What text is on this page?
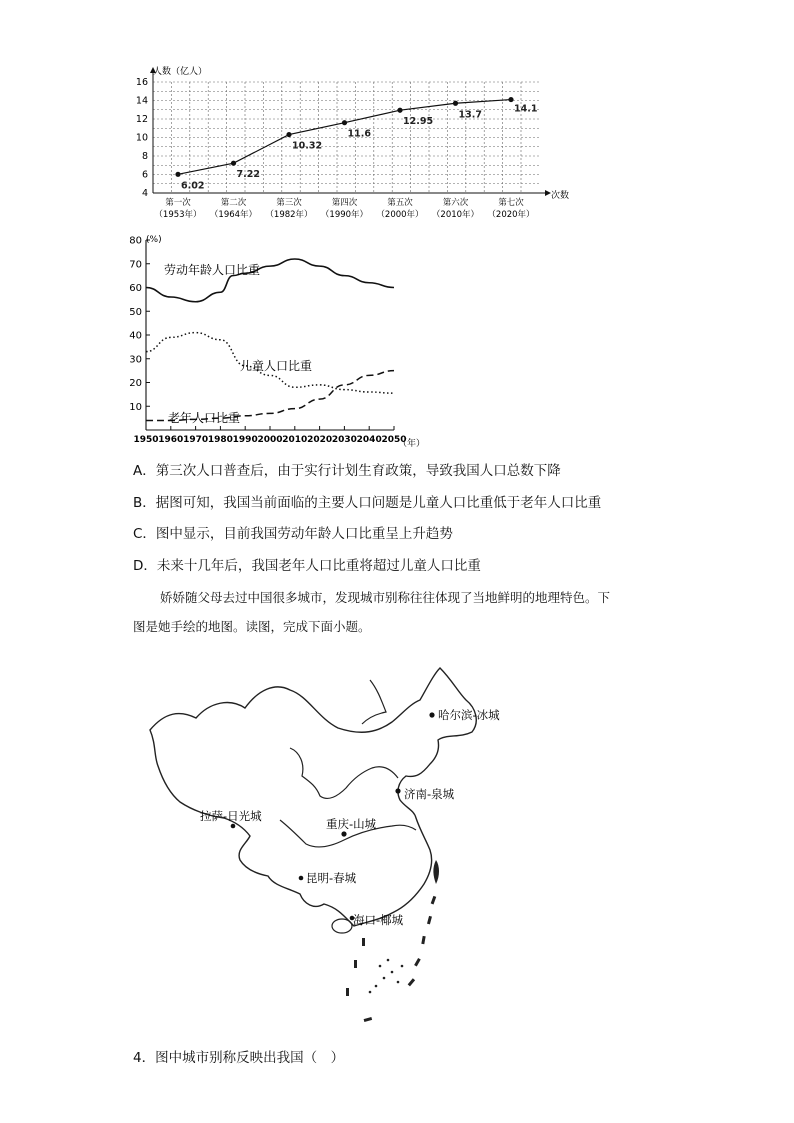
人数（亿人）
次数
4
6
8
10
12
14
16
第一次
（1953年）
第二次
（1964年）
第三次
（1982年）
第四次
（1990年）
第五次
（2000年）
第六次
（2010年）
第七次
（2020年）
6.02
7.22
10.32
11.6
12.95
13.7
14.1
(%)
（年）
10
20
30
40
50
60
70
80
1950 1960 1970 1980 1990 2000 2010 2020 2030 2040 2050
劳动年龄人口比重
儿童人口比重
老年人口比重
A．第三次人口普查后，由于实行计划生育政策，导致我国人口总数下降
B．据图可知，我国当前面临的主要人口问题是儿童人口比重低于老年人口比重
C．图中显示，目前我国劳动年龄人口比重呈上升趋势
D．未来十几年后，我国老年人口比重将超过儿童人口比重
娇娇随父母去过中国很多城市，发现城市别称往往体现了当地鲜明的地理特色。下
图是她手绘的地图。读图，完成下面小题。
哈尔滨-冰城
济南-泉城
拉萨-日光城
重庆-山城
昆明-春城
海口-椰城
4．图中城市别称反映出我国（　）
